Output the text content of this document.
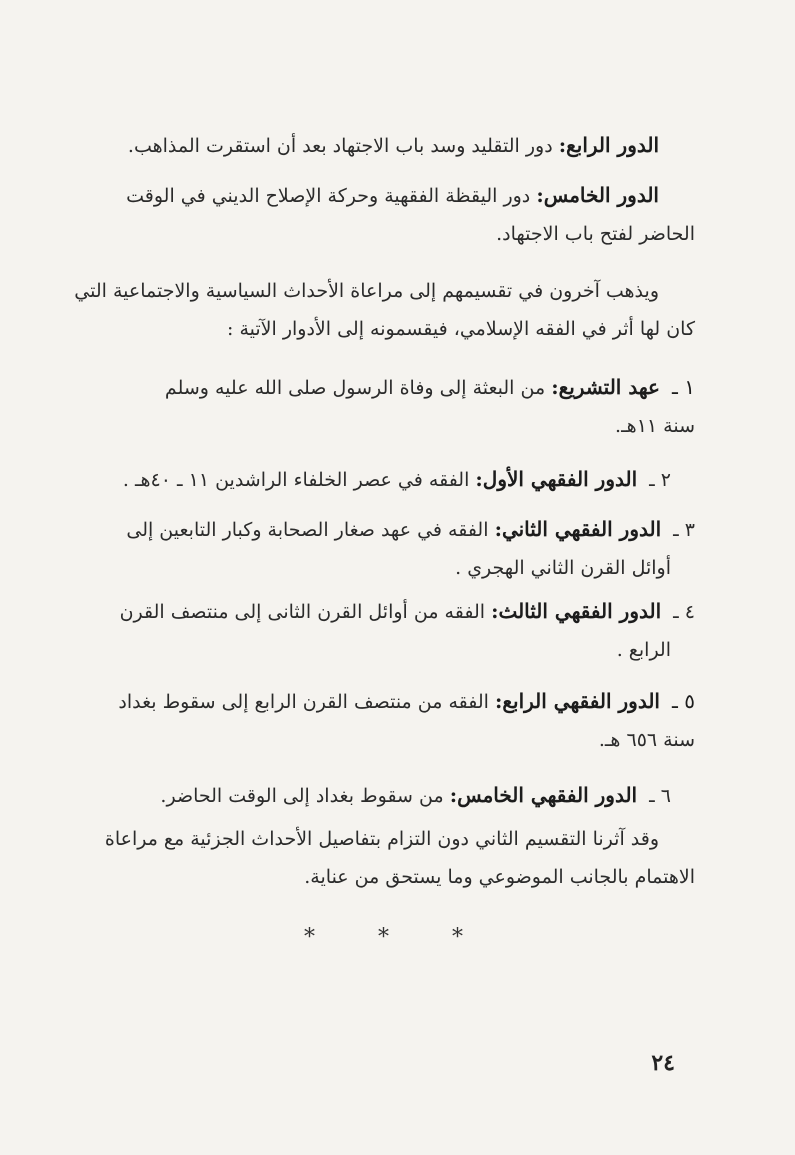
الدور الرابع: دور التقليد وسد باب الاجتهاد بعد أن استقرت المذاهب.
الدور الخامس: دور اليقظة الفقهية وحركة الإصلاح الديني في الوقت
الحاضر لفتح باب الاجتهاد.
ويذهب آخرون في تقسيمهم إلى مراعاة الأحداث السياسية والاجتماعية التي
كان لها أثر في الفقه الإسلامي، فيقسمونه إلى الأدوار الآتية :
١ ـ عهد التشريع: من البعثة إلى وفاة الرسول صلى الله عليه وسلم
سنة ١١هـ.
٢ ـ الدور الفقهي الأول: الفقه في عصر الخلفاء الراشدين ١١ ـ ٤٠هـ .
٣ ـ الدور الفقهي الثاني: الفقه في عهد صغار الصحابة وكبار التابعين إلى
أوائل القرن الثاني الهجري .
٤ ـ الدور الفقهي الثالث: الفقه من أوائل القرن الثانى إلى منتصف القرن
الرابع .
٥ ـ الدور الفقهي الرابع: الفقه من منتصف القرن الرابع إلى سقوط بغداد
سنة ٦٥٦ هـ.
٦ ـ الدور الفقهي الخامس: من سقوط بغداد إلى الوقت الحاضر.
وقد آثرنا التقسيم الثاني دون التزام بتفاصيل الأحداث الجزئية مع مراعاة
الاهتمام بالجانب الموضوعي وما يستحق من عناية.
* * *
٢٤
